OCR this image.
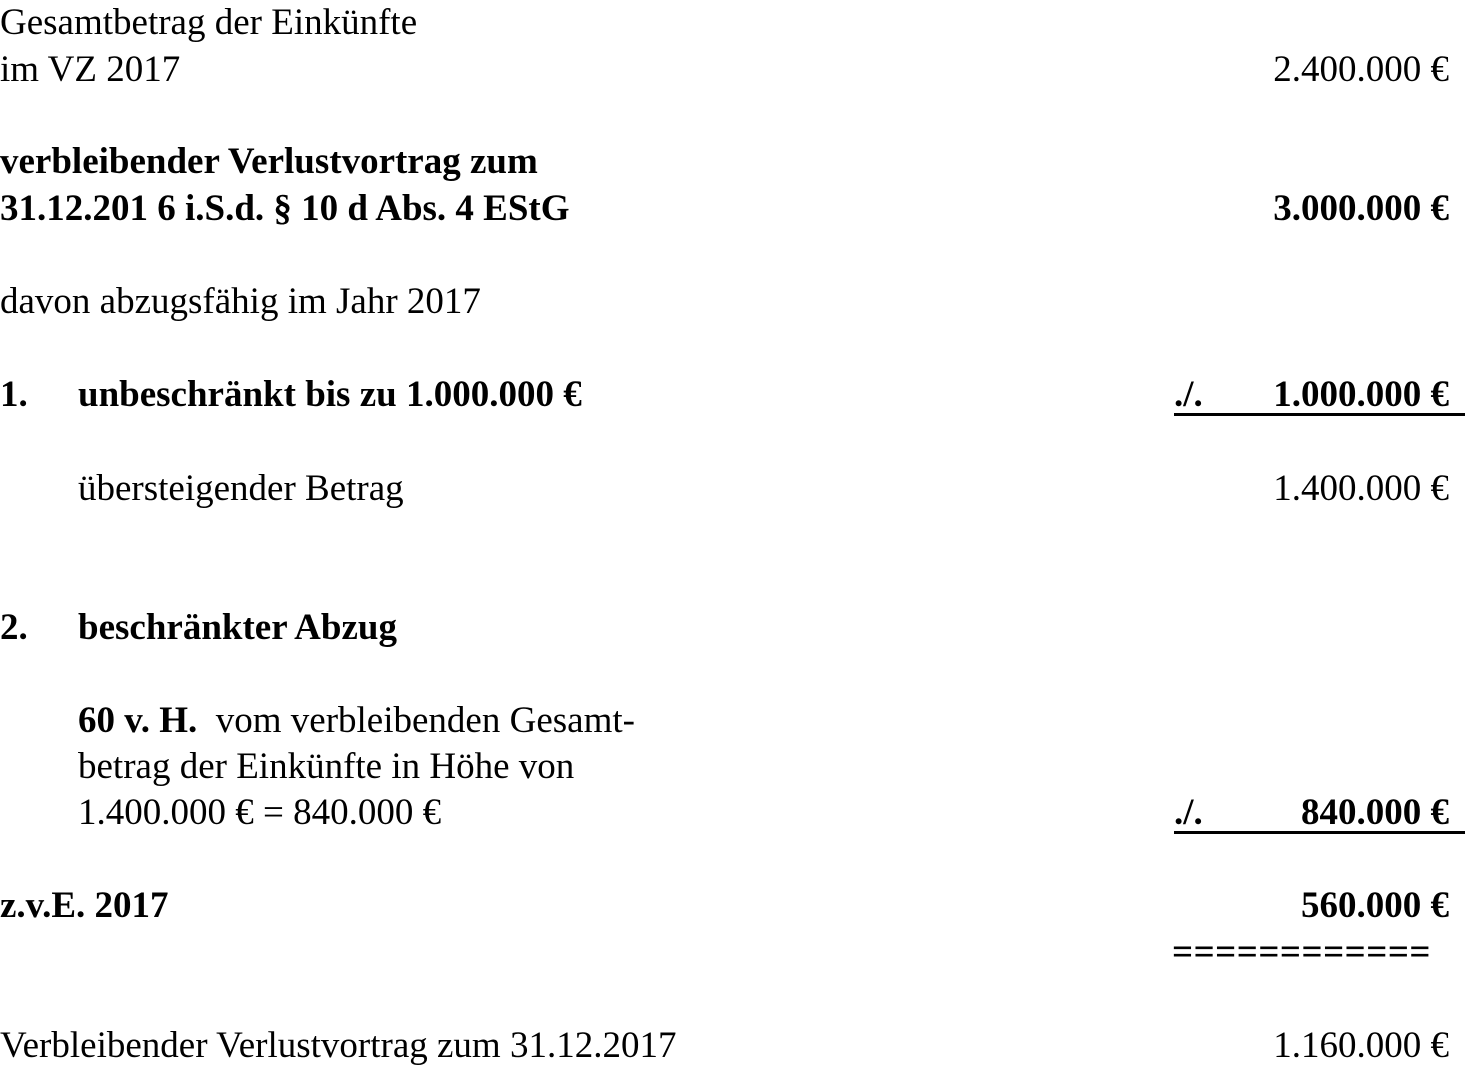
Gesamtbetrag der Einkünfte
im VZ 2017	2.400.000 €
verbleibender Verlustvortrag zum
31.12.201 6 i.S.d. § 10 d Abs. 4 EStG	3.000.000 €
davon abzugsfähig im Jahr 2017
1. unbeschränkt bis zu 1.000.000 €	./. 1.000.000 €
übersteigender Betrag	1.400.000 €
2. beschränkter Abzug
60 v. H. vom verbleibenden Gesamt-
betrag der Einkünfte in Höhe von
1.400.000 € = 840.000 €	./.	840.000 €
z.v.E. 2017	560.000 €
============
Verbleibender Verlustvortrag zum 31.12.2017	1.160.000 €
